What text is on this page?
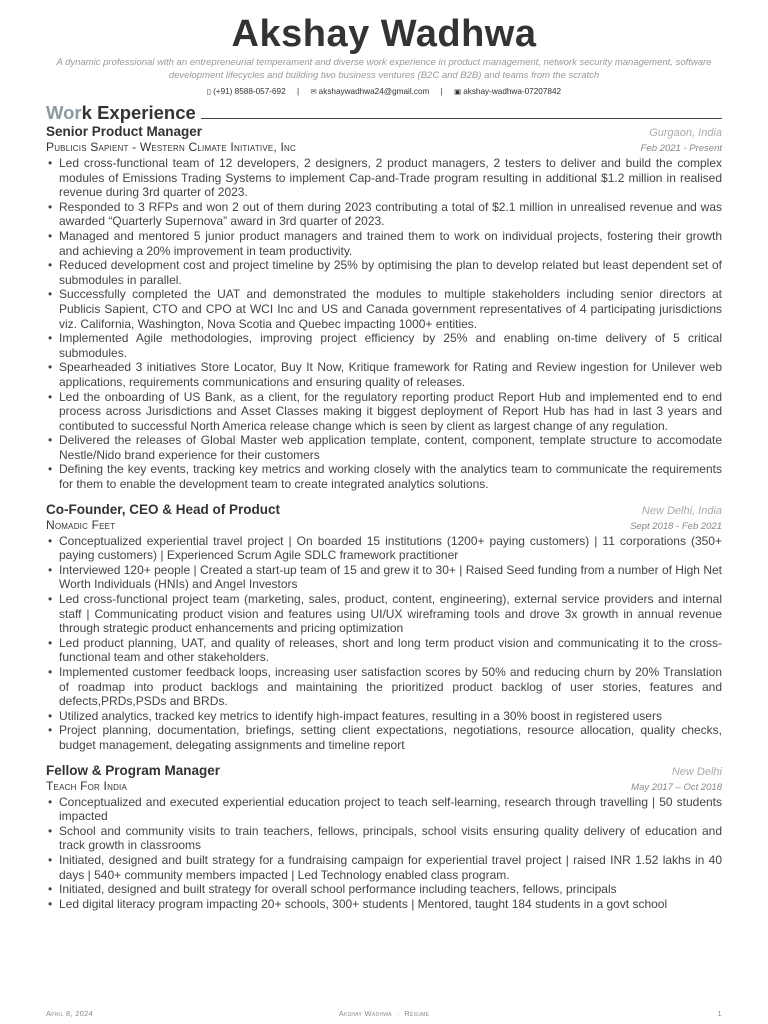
Akshay Wadhwa
A dynamic professional with an entrepreneurial temperament and diverse work experience in product management, network security management, software development lifecycles and building two business ventures (B2C and B2B) and teams from the scratch
▯ (+91) 8588-057-692 | ✉ akshaywadhwa24@gmail.com | ▣ akshay-wadhwa-07207842
Work Experience
Senior Product Manager	Gurgaon, India
Publicis Sapient - Western Climate Initiative, Inc	Feb 2021 - Present
• Led cross-functional team of 12 developers, 2 designers, 2 product managers, 2 testers to deliver and build the complex modules of Emissions Trading Systems to implement Cap-and-Trade program resulting in additional $1.2 million in realised revenue during 3rd quarter of 2023.
• Responded to 3 RFPs and won 2 out of them during 2023 contributing a total of $2.1 million in unrealised revenue and was awarded “Quarterly Supernova” award in 3rd quarter of 2023.
• Managed and mentored 5 junior product managers and trained them to work on individual projects, fostering their growth and achieving a 20% improvement in team productivity.
• Reduced development cost and project timeline by 25% by optimising the plan to develop related but least dependent set of submodules in parallel.
• Successfully completed the UAT and demonstrated the modules to multiple stakeholders including senior directors at Publicis Sapient, CTO and CPO at WCI Inc and US and Canada government representatives of 4 participating jurisdictions viz. California, Washington, Nova Scotia and Quebec impacting 1000+ entities.
• Implemented Agile methodologies, improving project efficiency by 25% and enabling on-time delivery of 5 critical submodules.
• Spearheaded 3 initiatives Store Locator, Buy It Now, Kritique framework for Rating and Review ingestion for Unilever web applications, requirements communications and ensuring quality of releases.
• Led the onboarding of US Bank, as a client, for the regulatory reporting product Report Hub and implemented end to end process across Jurisdictions and Asset Classes making it biggest deployment of Report Hub has had in last 3 years and contibuted to successful North America release change which is seen by client as largest change of any regulation.
• Delivered the releases of Global Master web application template, content, component, template structure to accomodate Nestle/Nido brand experience for their customers
• Defining the key events, tracking key metrics and working closely with the analytics team to communicate the requirements for them to enable the development team to create integrated analytics solutions.
Co-Founder, CEO & Head of Product	New Delhi, India
Nomadic Feet	Sept 2018 - Feb 2021
• Conceptualized experiential travel project | On boarded 15 institutions (1200+ paying customers) | 11 corporations (350+ paying customers) | Experienced Scrum Agile SDLC framework practitioner
• Interviewed 120+ people | Created a start-up team of 15 and grew it to 30+ | Raised Seed funding from a number of High Net Worth Individuals (HNIs) and Angel Investors
• Led cross-functional project team (marketing, sales, product, content, engineering), external service providers and internal staff | Communicating product vision and features using UI/UX wireframing tools and drove 3x growth in annual revenue through strategic product enhancements and pricing optimization
• Led product planning, UAT, and quality of releases, short and long term product vision and communicating it to the cross-functional team and other stakeholders.
• Implemented customer feedback loops, increasing user satisfaction scores by 50% and reducing churn by 20% Translation of roadmap into product backlogs and maintaining the prioritized product backlog of user stories, features and defects,PRDs,PSDs and BRDs.
• Utilized analytics, tracked key metrics to identify high-impact features, resulting in a 30% boost in registered users
• Project planning, documentation, briefings, setting client expectations, negotiations, resource allocation, quality checks, budget management, delegating assignments and timeline report
Fellow & Program Manager	New Delhi
Teach For India	May 2017 – Oct 2018
• Conceptualized and executed experiential education project to teach self-learning, research through travelling | 50 students impacted
• School and community visits to train teachers, fellows, principals, school visits ensuring quality delivery of education and track growth in classrooms
• Initiated, designed and built strategy for a fundraising campaign for experiential travel project | raised INR 1.52 lakhs in 40 days | 540+ community members impacted | Led Technology enabled class program.
• Initiated, designed and built strategy for overall school performance including teachers, fellows, principals
• Led digital literacy program impacting 20+ schools, 300+ students | Mentored, taught 184 students in a govt school
April 8, 2024	Akshay Wadhwa · Résumé	1
